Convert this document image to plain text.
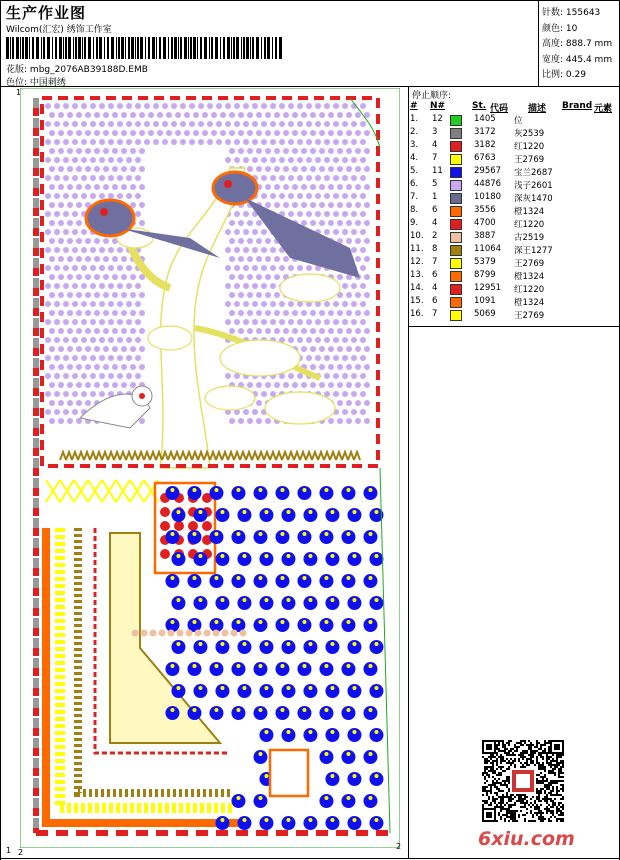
生产作业图
Wilcom(汇宏) 绣饰工作室
花版: mbg_2076AB39188D.EMB
色位: 中国刺绣
针数: 155643
颜色: 10
高度: 888.7 mm
宽度: 445.4 mm
比例: 0.29
停止顺序:
# N#	St. 代码 描述 Brand 元素
1. 12	1405 位
2. 3	3172 灰2539
3. 4	3182 红1220
4. 7	6763 王2769
5. 11	29567 宝兰2687
6. 5	44876 浅子2601
7. 1	10180 深灰1470
8. 6	3556 橙1324
9. 4	4700 红1220
10. 2	3887 古2519
11. 8	11064 深王1277
12. 7	5379 王2769
13. 6	8799 橙1324
14. 4	12951 红1220
15. 6	1091 橙1324
16. 7	5069 王2769
1
1 2
2	6xiu.com
